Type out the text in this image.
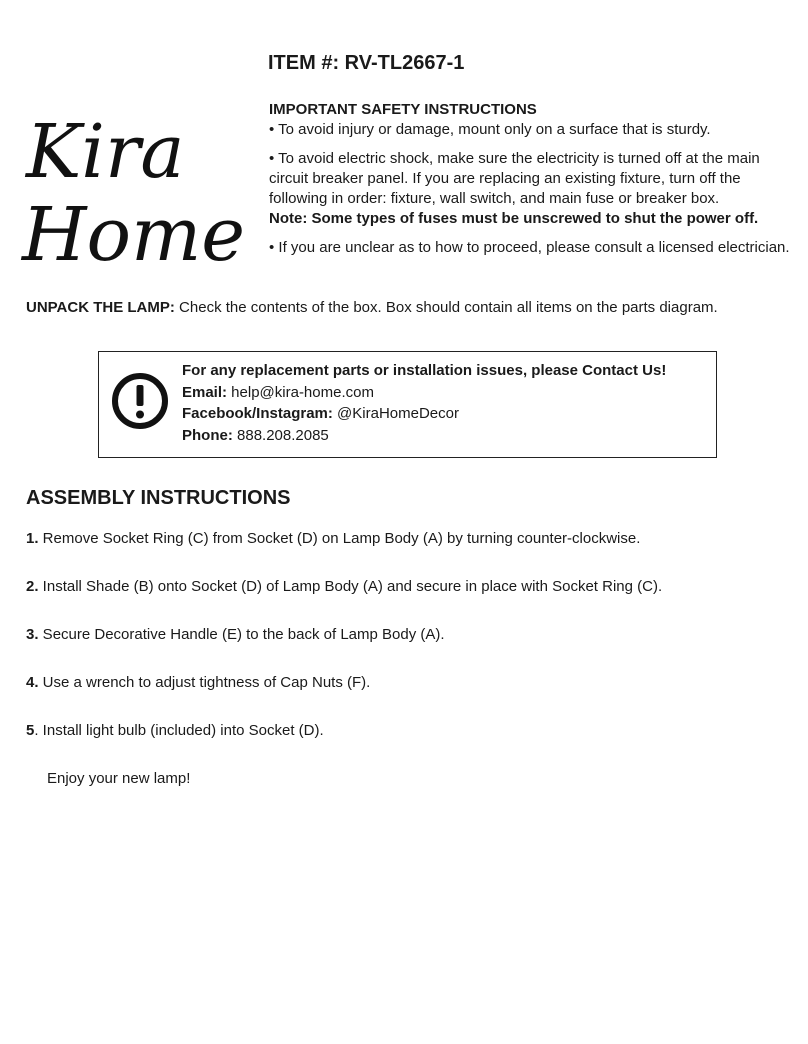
Kira
Home
ITEM #: RV-TL2667-1
IMPORTANT SAFETY INSTRUCTIONS

• To avoid injury or damage, mount only on a surface that is sturdy.

• To avoid electric shock, make sure the electricity is turned off at the main circuit breaker panel. If you are replacing an existing fixture, turn off the following in order: fixture, wall switch, and main fuse or breaker box.
Note: Some types of fuses must be unscrewed to shut the power off.

• If you are unclear as to how to proceed, please consult a licensed electrician.

UNPACK THE LAMP: Check the contents of the box. Box should contain all items on the parts diagram.
For any replacement parts or installation issues, please Contact Us!
Email: help@kira-home.com
Facebook/Instagram: @KiraHomeDecor
Phone: 888.208.2085
ASSEMBLY INSTRUCTIONS
1. Remove Socket Ring (C) from Socket (D) on Lamp Body (A) by turning counter-clockwise.
2. Install Shade (B) onto Socket (D) of Lamp Body (A) and secure in place with Socket Ring (C).
3. Secure Decorative Handle (E) to the back of Lamp Body (A).
4. Use a wrench to adjust tightness of Cap Nuts (F).
5. Install light bulb (included) into Socket (D).
Enjoy your new lamp!
